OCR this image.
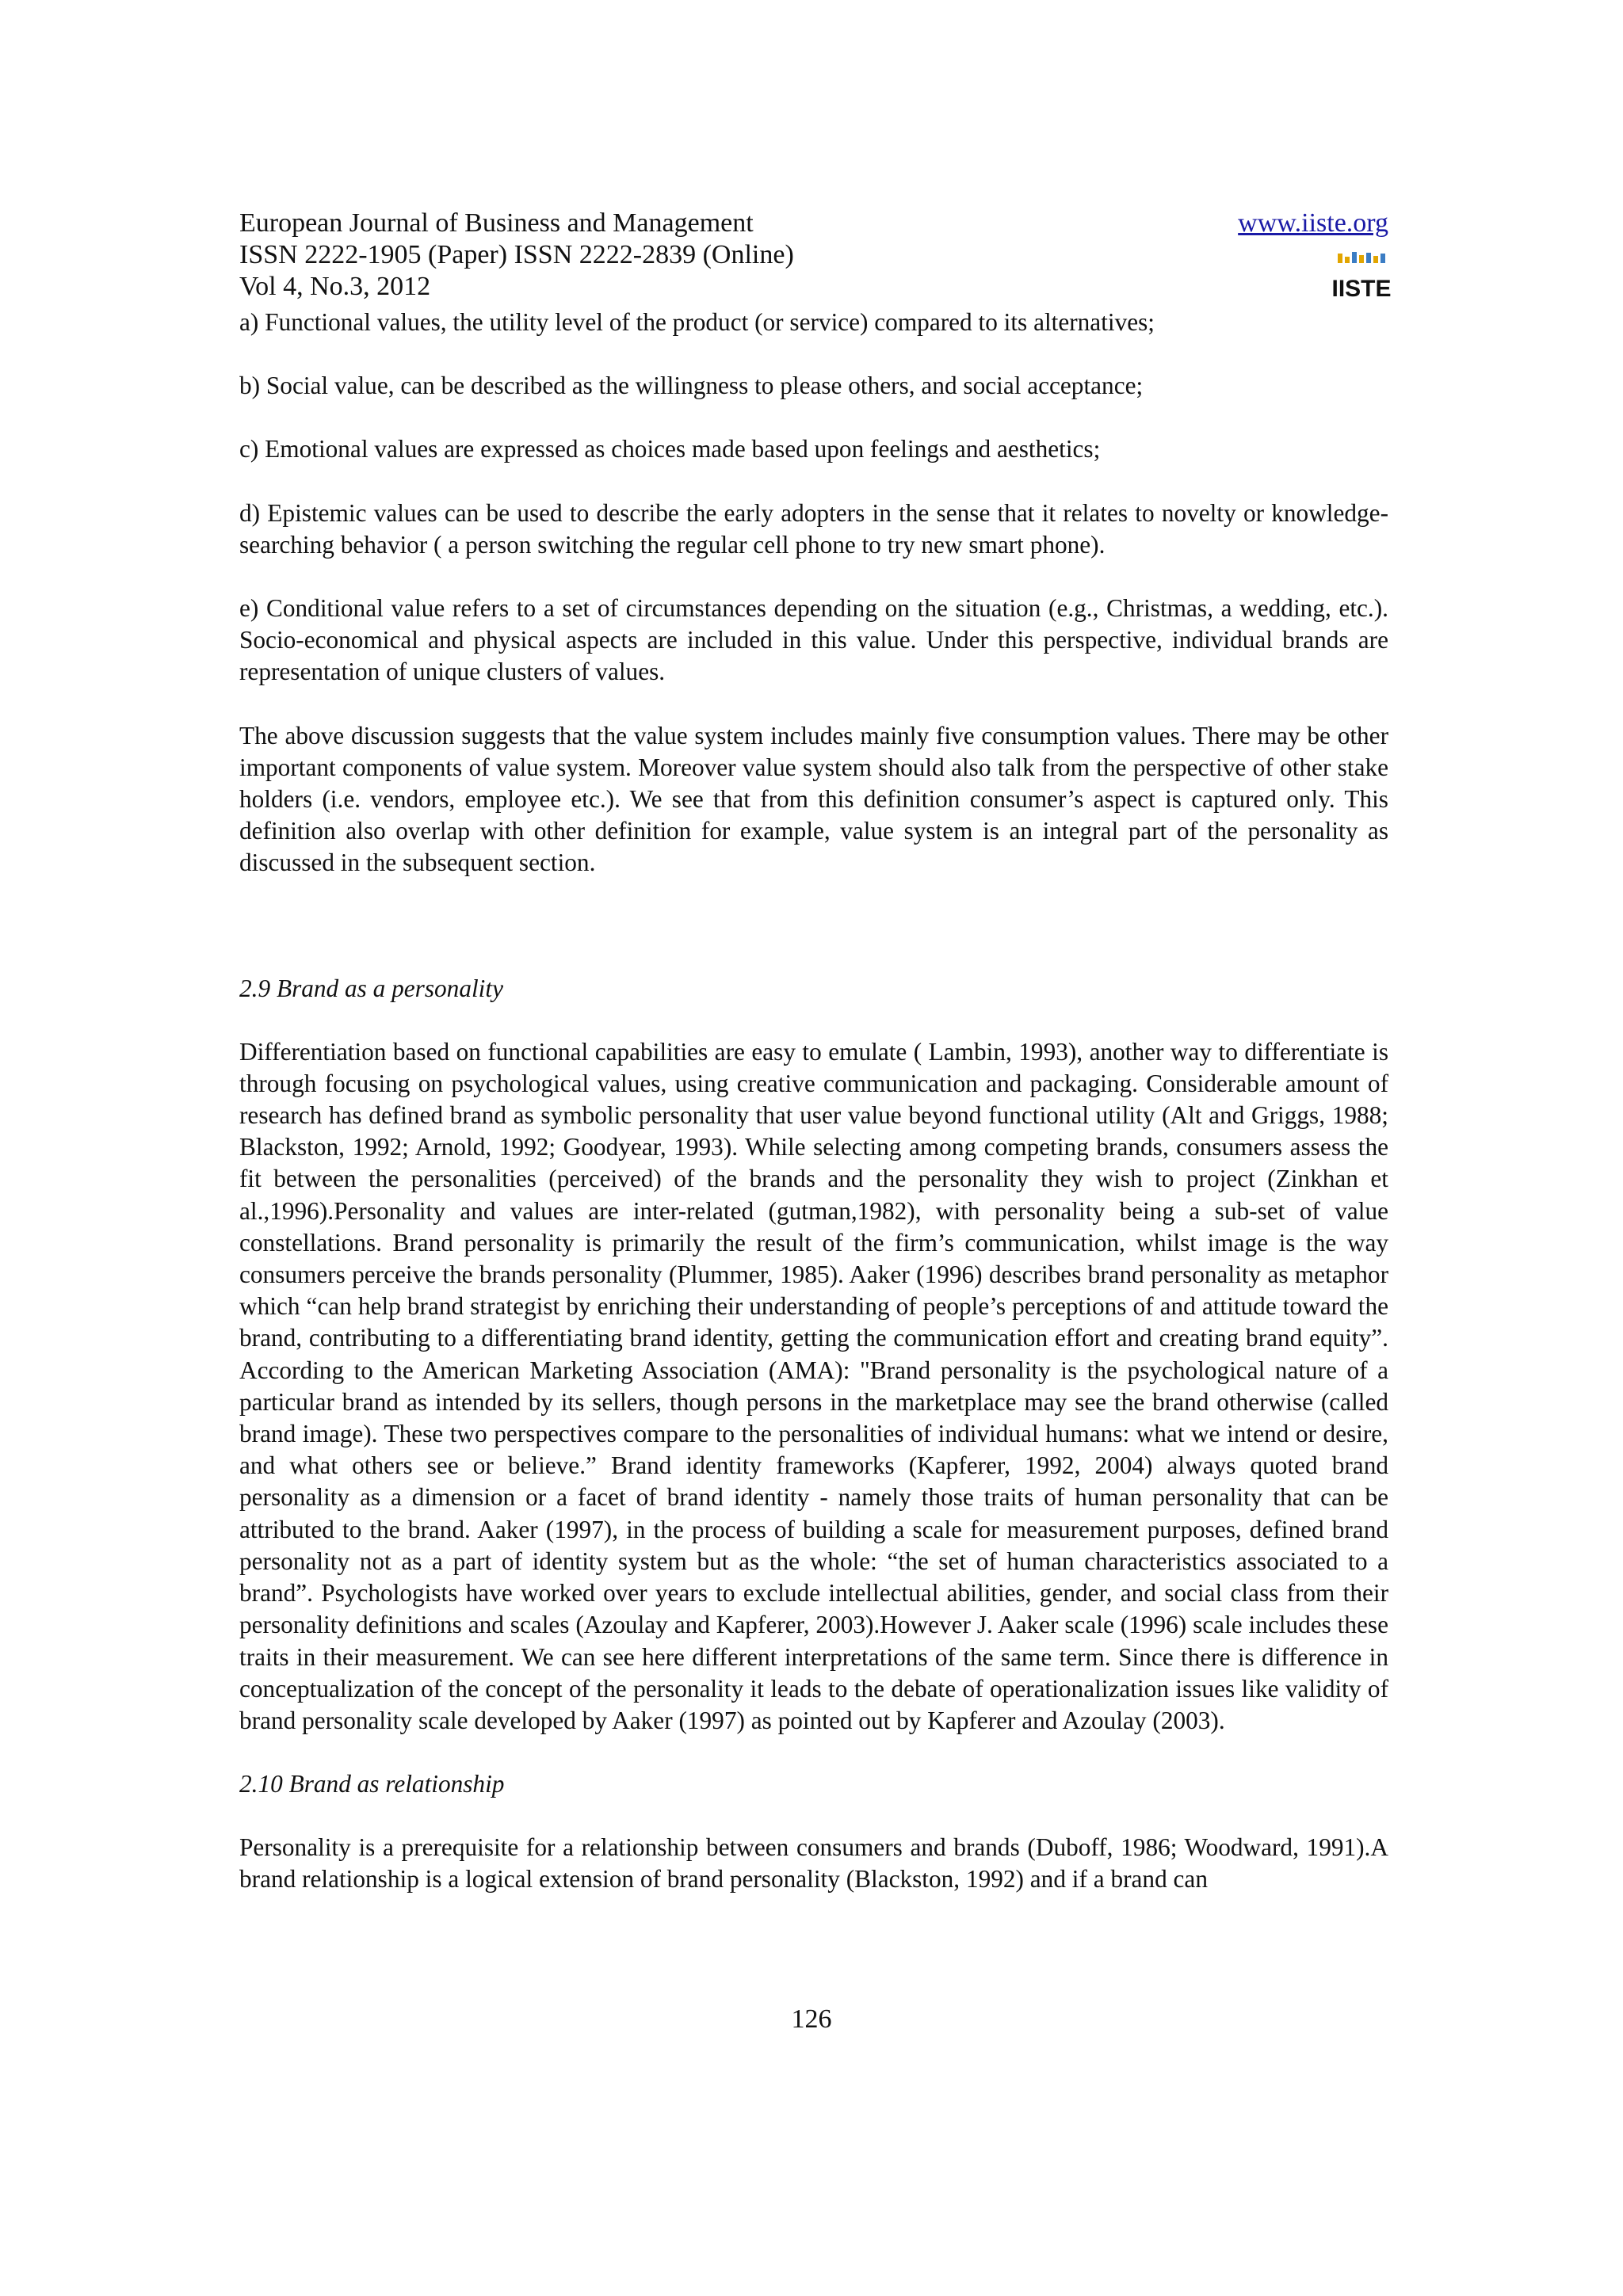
European Journal of Business and Management
ISSN 2222-1905 (Paper) ISSN 2222-2839 (Online)
Vol 4, No.3, 2012
www.iiste.org
IISTE

a) Functional values, the utility level of the product (or service) compared to its alternatives;

b) Social value, can be described as the willingness to please others, and social acceptance;

c) Emotional values are expressed as choices made based upon feelings and aesthetics;

d) Epistemic values can be used to describe the early adopters in the sense that it relates to novelty or knowledge-searching behavior ( a person switching the regular cell phone to try new smart phone).

e) Conditional value refers to a set of circumstances depending on the situation (e.g., Christmas, a wedding, etc.). Socio-economical and physical aspects are included in this value. Under this perspective, individual brands are representation of unique clusters of values.

The above discussion suggests that the value system includes mainly five consumption values. There may be other important components of value system. Moreover value system should also talk from the perspective of other stake holders (i.e. vendors, employee etc.). We see that from this definition consumer’s aspect is captured only. This definition also overlap with other definition for example, value system is an integral part of the personality as discussed in the subsequent section.

2.9 Brand as a personality

Differentiation based on functional capabilities are easy to emulate ( Lambin, 1993), another way to differentiate is through focusing on psychological values, using creative communication and packaging. Considerable amount of research has defined brand as symbolic personality that user value beyond functional utility (Alt and Griggs, 1988; Blackston, 1992; Arnold, 1992; Goodyear, 1993). While selecting among competing brands, consumers assess the fit between the personalities (perceived) of the brands and the personality they wish to project (Zinkhan et al.,1996).Personality and values are inter-related (gutman,1982), with personality being a sub-set of value constellations. Brand personality is primarily the result of the firm’s communication, whilst image is the way consumers perceive the brands personality (Plummer, 1985). Aaker (1996) describes brand personality as metaphor which “can help brand strategist by enriching their understanding of people’s perceptions of and attitude toward the brand, contributing to a differentiating brand identity, getting the communication effort and creating brand equity”. According to the American Marketing Association (AMA): "Brand personality is the psychological nature of a particular brand as intended by its sellers, though persons in the marketplace may see the brand otherwise (called brand image). These two perspectives compare to the personalities of individual humans: what we intend or desire, and what others see or believe.” Brand identity frameworks (Kapferer, 1992, 2004) always quoted brand personality as a dimension or a facet of brand identity - namely those traits of human personality that can be attributed to the brand. Aaker (1997), in the process of building a scale for measurement purposes, defined brand personality not as a part of identity system but as the whole: “the set of human characteristics associated to a brand”. Psychologists have worked over years to exclude intellectual abilities, gender, and social class from their personality definitions and scales (Azoulay and Kapferer, 2003).However J. Aaker scale (1996) scale includes these traits in their measurement. We can see here different interpretations of the same term. Since there is difference in conceptualization of the concept of the personality it leads to the debate of operationalization issues like validity of brand personality scale developed by Aaker (1997) as pointed out by Kapferer and Azoulay (2003).

2.10 Brand as relationship

Personality is a prerequisite for a relationship between consumers and brands (Duboff, 1986; Woodward, 1991).A brand relationship is a logical extension of brand personality (Blackston, 1992) and if a brand can

126
